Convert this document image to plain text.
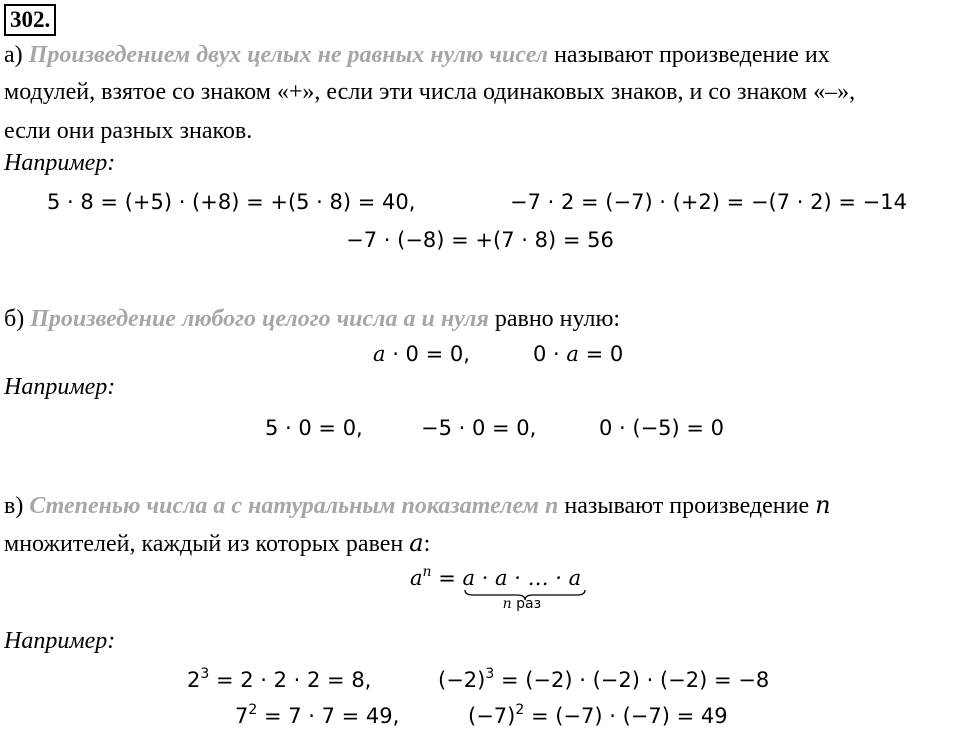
302.
а) Произведением двух целых не равных нулю чисел называют произведение их
модулей, взятое со знаком «+», если эти числа одинаковых знаков, и со знаком «–»,
если они разных знаков.
Например:
5 · 8 = (+5) · (+8) = +(5 · 8) = 40,	−7 · 2 = (−7) · (+2) = −(7 · 2) = −14
−7 · (−8) = +(7 · 8) = 56
б) Произведение любого целого числа a и нуля равно нулю:
a · 0 = 0,	0 · a = 0
Например:
5 · 0 = 0,	−5 · 0 = 0,	0 · (−5) = 0
в) Степенью числа a с натуральным показателем n называют произведение n
множителей, каждый из которых равен a:
$a^n = a \cdot a$ · … · a
n раз
Например:
$2^3 = 2 \cdot 2 \cdot 2 = 8$,	$(-2)^3 = (-2) \cdot (-2) \cdot (-2) = -8$
$7^2 = 7 \cdot 7 = 49$,	$(-7)^2 = (-7) \cdot (-7) = 49$
